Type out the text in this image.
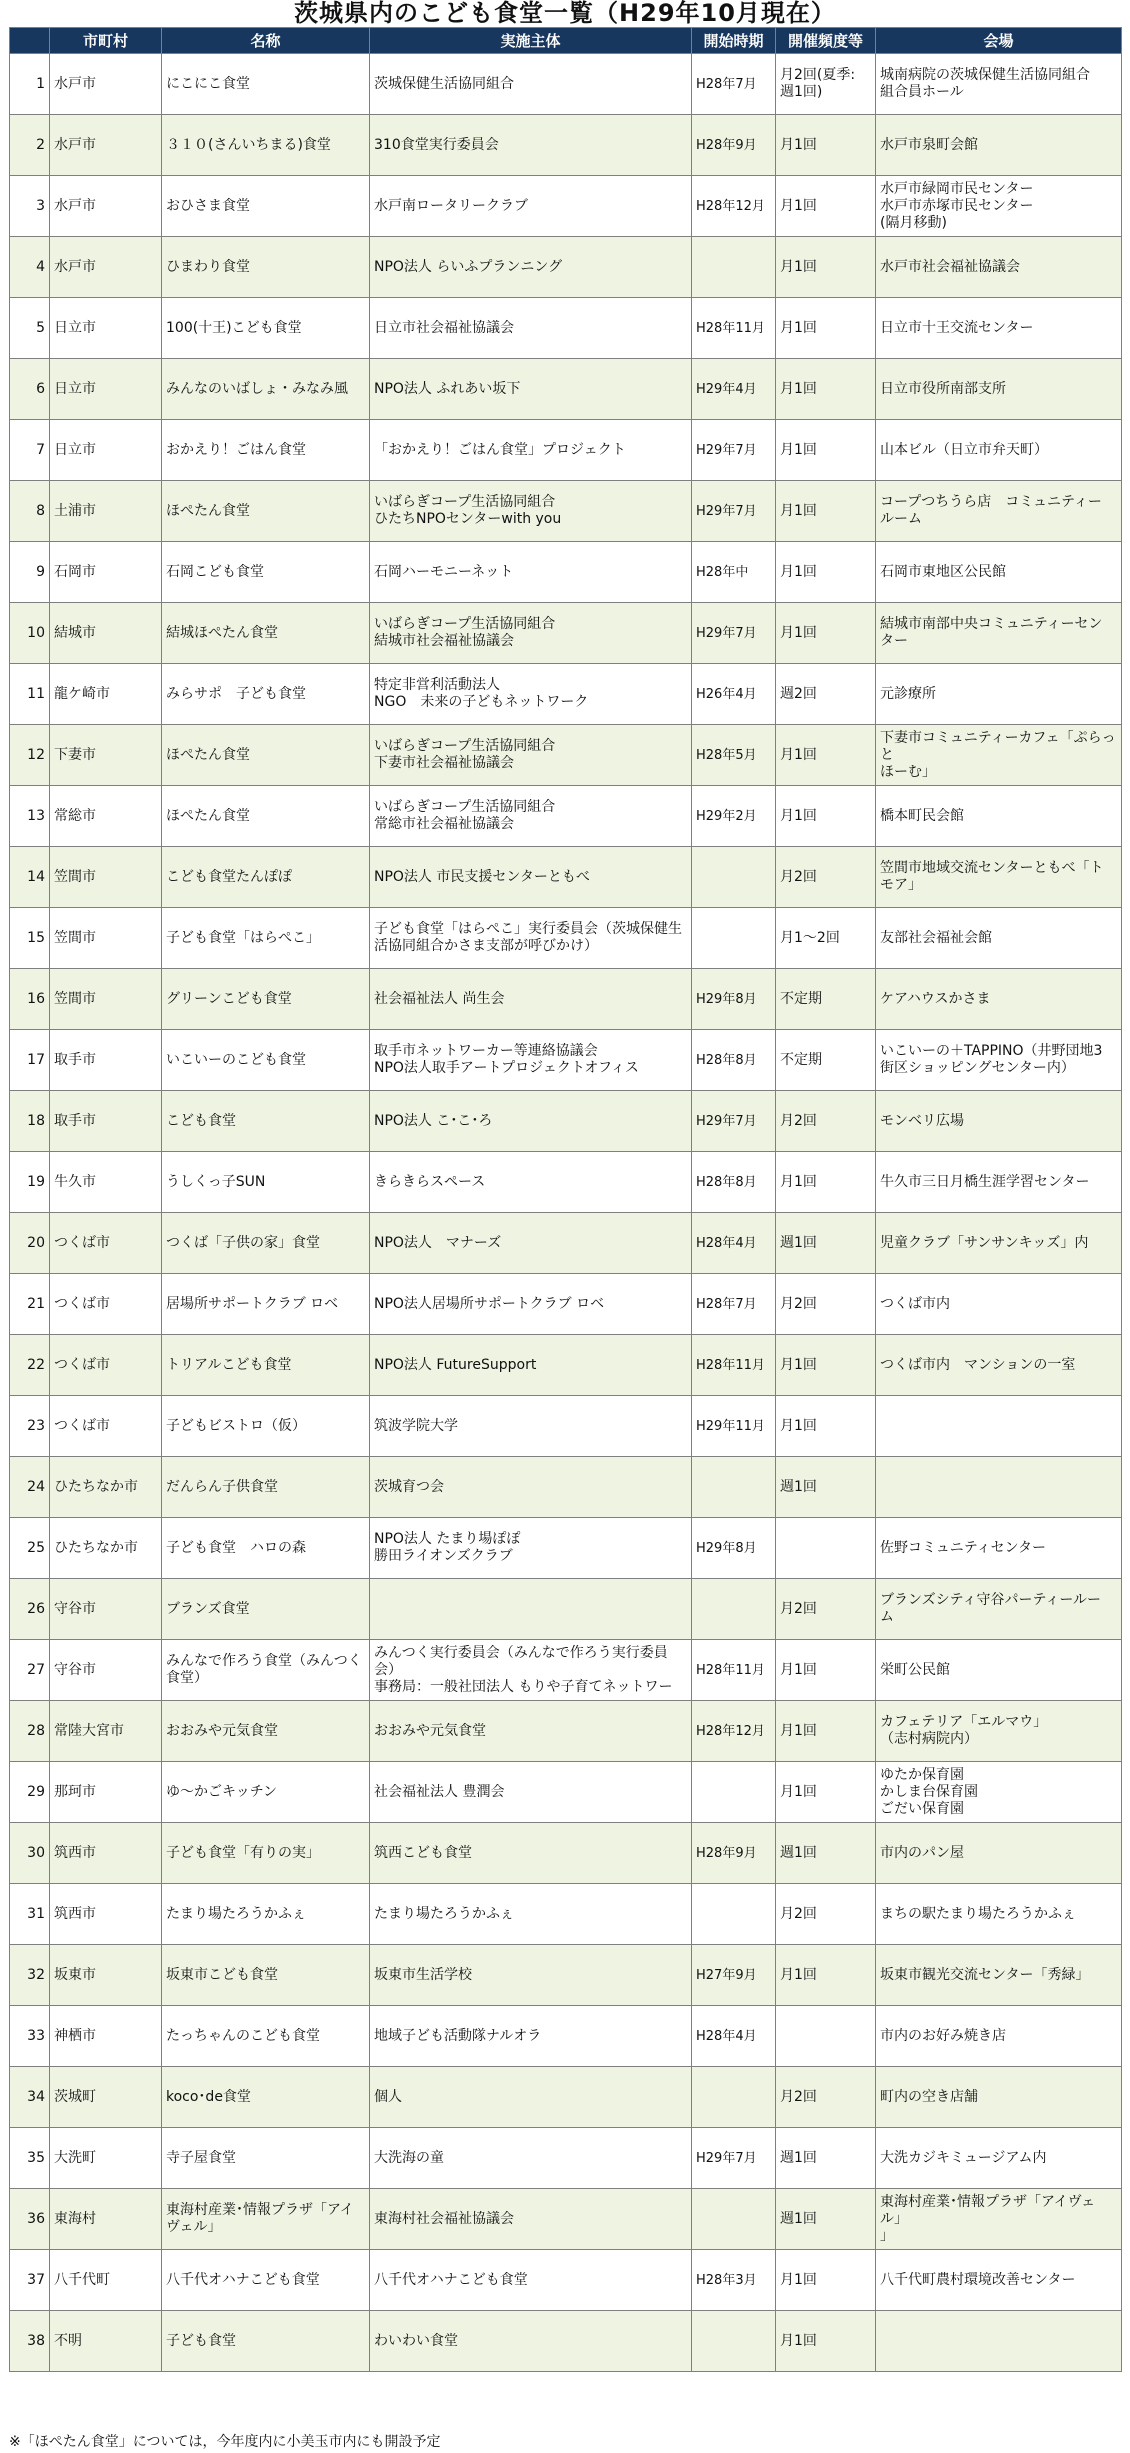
茨城県内のこども食堂一覧（H29年10月現在）
	市町村	名称	実施主体	開始時期	開催頻度等	会場
1	水戸市	にこにこ食堂	茨城保健生活協同組合	H28年7月	月2回(夏季:
週1回)	城南病院の茨城保健生活協同組合
組合員ホール
2	水戸市	３１０(さんいちまる)食堂	310食堂実行委員会	H28年9月	月1回	水戸市泉町会館
3	水戸市	おひさま食堂	水戸南ロータリークラブ	H28年12月	月1回	水戸市緑岡市民センター
水戸市赤塚市民センター
(隔月移動)
4	水戸市	ひまわり食堂	NPO法人 らいふプランニング		月1回	水戸市社会福祉協議会
5	日立市	100(十王)こども食堂	日立市社会福祉協議会	H28年11月	月1回	日立市十王交流センター
6	日立市	みんなのいばしょ・みなみ風	NPO法人 ふれあい坂下	H29年4月	月1回	日立市役所南部支所
7	日立市	おかえり！ごはん食堂	「おかえり！ごはん食堂」プロジェクト	H29年7月	月1回	山本ビル（日立市弁天町）
8	土浦市	ほぺたん食堂	いばらぎコープ生活協同組合
ひたちNPOセンターwith you	H29年7月	月1回	コープつちうら店　コミュニティー
ルーム
9	石岡市	石岡こども食堂	石岡ハーモニーネット	H28年中	月1回	石岡市東地区公民館
10	結城市	結城ほぺたん食堂	いばらぎコープ生活協同組合
結城市社会福祉協議会	H29年7月	月1回	結城市南部中央コミュニティーセン
ター
11	龍ケ崎市	みらサポ　子ども食堂	特定非営利活動法人
NGO　未来の子どもネットワーク	H26年4月	週2回	元診療所
12	下妻市	ほぺたん食堂	いばらぎコープ生活協同組合
下妻市社会福祉協議会	H28年5月	月1回	下妻市コミュニティーカフェ「ぷらっと
ほーむ」
13	常総市	ほぺたん食堂	いばらぎコープ生活協同組合
常総市社会福祉協議会	H29年2月	月1回	橋本町民会館
14	笠間市	こども食堂たんぽぽ	NPO法人 市民支援センターともべ		月2回	笠間市地域交流センターともべ「ト
モア」
15	笠間市	子ども食堂「はらぺこ」	子ども食堂「はらぺこ」実行委員会（茨城保健生
活協同組合かさま支部が呼びかけ）		月1～2回	友部社会福祉会館
16	笠間市	グリーンこども食堂	社会福祉法人 尚生会	H29年8月	不定期	ケアハウスかさま
17	取手市	いこいーのこども食堂	取手市ネットワーカー等連絡協議会
NPO法人取手アートプロジェクトオフィス	H28年8月	不定期	いこいーの＋TAPPINO（井野団地3
街区ショッピングセンター内）
18	取手市	こども食堂	NPO法人 こ･こ･ろ	H29年7月	月2回	モンベリ広場
19	牛久市	うしくっ子SUN	きらきらスペース	H28年8月	月1回	牛久市三日月橋生涯学習センター
20	つくば市	つくば「子供の家」食堂	NPO法人　マナーズ	H28年4月	週1回	児童クラブ「サンサンキッズ」内
21	つくば市	居場所サポートクラブ ロベ	NPO法人居場所サポートクラブ ロベ	H28年7月	月2回	つくば市内
22	つくば市	トリアルこども食堂	NPO法人 FutureSupport	H28年11月	月1回	つくば市内　マンションの一室
23	つくば市	子どもビストロ（仮）	筑波学院大学	H29年11月	月1回	
24	ひたちなか市	だんらん子供食堂	茨城育つ会		週1回	
25	ひたちなか市	子ども食堂　ハロの森	NPO法人 たまり場ぽぽ
勝田ライオンズクラブ	H29年8月		佐野コミュニティセンター
26	守谷市	ブランズ食堂			月2回	ブランズシティ守谷パーティールー
ム
27	守谷市	みんなで作ろう食堂（みんつく
食堂）	みんつく実行委員会（みんなで作ろう実行委員
会）
事務局：一般社団法人 もりや子育てネットワー	H28年11月	月1回	栄町公民館
28	常陸大宮市	おおみや元気食堂	おおみや元気食堂	H28年12月	月1回	カフェテリア「エルマウ」
（志村病院内）
29	那珂市	ゆ～かごキッチン	社会福祉法人 豊潤会		月1回	ゆたか保育園
かしま台保育園
ごだい保育園
30	筑西市	子ども食堂「有りの実」	筑西こども食堂	H28年9月	週1回	市内のパン屋
31	筑西市	たまり場たろうかふぇ	たまり場たろうかふぇ		月2回	まちの駅たまり場たろうかふぇ
32	坂東市	坂東市こども食堂	坂東市生活学校	H27年9月	月1回	坂東市観光交流センター「秀緑」
33	神栖市	たっちゃんのこども食堂	地域子ども活動隊ナルオラ	H28年4月		市内のお好み焼き店
34	茨城町	koco･de食堂	個人		月2回	町内の空き店舗
35	大洗町	寺子屋食堂	大洗海の童	H29年7月	週1回	大洗カジキミュージアム内
36	東海村	東海村産業･情報プラザ「アイ
ヴェル」	東海村社会福祉協議会		週1回	東海村産業･情報プラザ「アイヴェル」
」
37	八千代町	八千代オハナこども食堂	八千代オハナこども食堂	H28年3月	月1回	八千代町農村環境改善センター
38	不明	子ども食堂	わいわい食堂		月1回	
※「ほぺたん食堂」については，今年度内に小美玉市内にも開設予定
